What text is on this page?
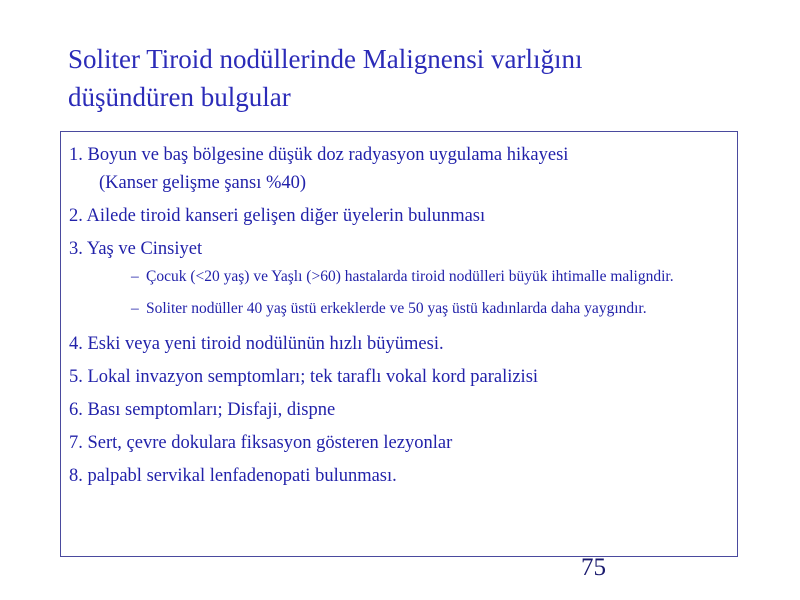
Soliter Tiroid nodüllerinde Malignensi varlığını
düşündüren bulgular
1. Boyun ve baş bölgesine düşük doz radyasyon uygulama hikayesi
(Kanser gelişme şansı %40)
2. Ailede tiroid kanseri gelişen diğer üyelerin bulunması
3. Yaş ve Cinsiyet
– Çocuk (<20 yaş) ve Yaşlı (>60) hastalarda tiroid nodülleri büyük ihtimalle maligndir.
– Soliter nodüller 40 yaş üstü erkeklerde ve 50 yaş üstü kadınlarda daha yaygındır.
4. Eski veya yeni tiroid nodülünün hızlı büyümesi.
5. Lokal invazyon semptomları; tek taraflı vokal kord paralizisi
6. Bası semptomları; Disfaji, dispne
7. Sert, çevre dokulara fiksasyon gösteren lezyonlar
8. palpabl servikal lenfadenopati bulunması.
75
